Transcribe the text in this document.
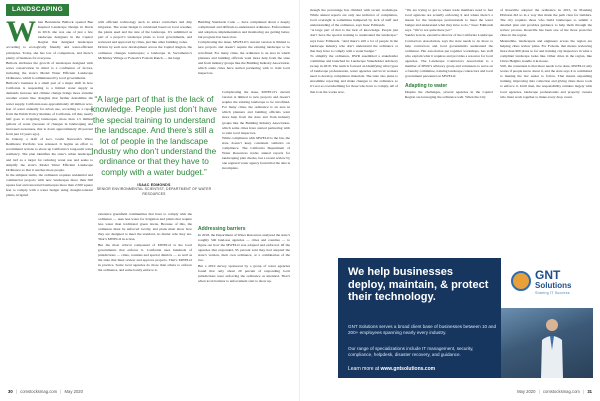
LANDSCAPING
W hen Bernadette Bullock opened Bee Inspired Landscape Design in Davis in 2016, she was one of just a few landscape designers in the Capitol Region that designed landscapes according to ecologically friendly and water-efficient principles. Today, she has lots of competitors, and there’s plenty of business for everyone.

Bullock attributes the growth of landscapes designed with water conservation in mind to a confluence of factors, including the state’s Model Water Efficient Landscape Ordinance, which is administered by local governments.

Bullock’s business is a small part of a major shift in how California is responding to a limited water supply as demands increase and climate change brings more extreme weather events like droughts that further destabilize the water supply. California uses approximately 40 million acre-feet of water annually for urban use, according to a report from the Public Policy Institute of California. Of that, nearly half goes to irrigating landscapes, more than 1.5 million gallons of water (because of changes in landscaping and increased awareness, that is down approximately 20 percent from just 10 years ago).

In January, a draft of Gov. Gavin Newsom’s Water Resilience Portfolio was released. It begins an effort to recommend actions to shore up California’s long-term water resiliency. The plan identifies the state’s urban landscapes and turf as a target for reducing water use and seeks to simplify the state’s Model Water Efficient Landscape Ordinance so that it reaches more people.

In the simplest terms, the ordinance requires residential and commercial projects with new landscapes more than 500 square feet and renovated landscapes more than 2,500 square feet to comply with a water budget using drought-tolerant plants, irrigated

with efficient technology such as smart controllers and drip irrigation. The water budget is calculated based on local weather, the plants used and the size of the landscape. It’s submitted as part of a project’s landscape plans to local governments, and reviewed and approved by cities, just like other building codes.

Driven by each new development across the Capitol Region, the ordinance changes landscapes; a landscape in Sacramento’s McKinley Village or Folsom’s Folsom Ranch — the large

“A large part of that is the lack of knowledge. People just don’t have the special training to understand the landscape. And there’s still a lot of people in the landscape industry who don’t understand the ordinance or that they have to comply with a water budget.”
ISAAC EDMONDS
SENIOR ENVIRONMENTAL SCIENTIST, DEPARTMENT OF WATER RESOURCES

extensive greenfield communities that have to comply with the ordinance — uses less water for irrigation and plants that require less water than traditional green lawns. Because of this, the ordinance must be enforced locally, and plans must show how they are designed to meet the standard, no matter who they are. That’s MWELO in action.

But the most critical component of MWELO is the local governments that enforce it. California uses hundreds of jurisdictions — cities, counties and special districts — as well as the state that must review and approve projects. That’s MWELO in practice. Some local agencies do more than others to enforce the ordinance, and some barely enforce it.

Building Standards Code — have complained about a deeply complicated and difficult-to-understand ordinance. Enforcement and adoption, implementation and monitoring are getting better, but progress has been slow.

Complicating the issue, MWELO’s current version is limited to new projects and doesn’t require the existing landscape to be retrofitted. For many cities, the ordinance is an area in which planners and building officials want more help from the state and from industry groups like the Building Industry Association, which some cities have started partnering with to train local inspectors.

Complicating the issue, MWELO’s current version is limited to new projects and doesn’t require the existing landscape to be retrofitted. For many cities, the ordinance is an area in which planners and building officials want more help from the state and from industry groups like the Building Industry Association, which some cities have started partnering with to train local inspectors.

While compliance with MWELO is the law, the state doesn’t keep consistent statistics on compliance. The California Department of Water Resources tracks annual reports for landscaping plan checks, but a recent review by one regional water agency found that the data is incomplete.

Addressing barriers

In 2018, the Department of Water Resources analyzed the state’s roughly 540 land-use agencies — cities and counties — to figure out how the MWELO was adopted and enforced. Of the agencies that responded, 95 percent said they had adopted the state’s version, their own ordinance, or a combination of the two.

But a 2019 survey sponsored by a group of water agencies found that only about 20 percent of responding local jurisdictions were enforcing the ordinance as intended. That’s when local barriers to enforcement start to show up.

though the percentage has climbed with recent workshops. While annual reports are only one indicator of compliance, local oversight is sometimes hampered by lack of staff and understanding of the ordinance, says Isaac Edmonds.

“A large part of that is the lack of knowledge. People just don’t have the special training to understand the landscape,” says Isaac Edmonds. “And there’s still a lot of people in the landscape industry who don’t understand the ordinance or that they have to comply with a water budget.”

To simplify the ordinance, DWR assembled a stakeholder committee and launched its Landscape Stakeholder Advisory Group in 2019. The team is focused on identifying what types of landscape professionals, water agencies and local workers need to develop compliance materials. The state also plans to streamline reporting and make changes to the ordinance so it’s not as overwhelming for those who have to comply. All of that is in the works now.

“We are trying to get to where trade members need to feel local agencies are actually enforcing it and where there’s a means for the landscape professionals to meet the water budget and understand what they have to do,” Isaac Edmonds says. “We’re not quite there yet.”

Sandra Garcia, executive director of the California Landscape Contractors Association, says the state needs to do more to help contractors and local governments understand the ordinance. Her association put together workshops, has staff who explain what it requires and provides a resource for local agencies. The Landscape Contractors Association is a member of DWR’s advisory group and volunteers to serve on a foundry committee, training landscape contractors and local government personnel on MWELO.

Adapting to water

Despite the challenges, several agencies in the Capitol Region are leveraging the ordinance well. When the City

of Roseville adopted the ordinance in 2015, its Planning Division did so in a way that made the path clear for builders. The city requires those who build landscapes to submit a detailed plan and provides guidance to help them through the review process. Roseville has been one of the more proactive cities in the region.

Meanwhile, landscapers and engineers across the region are helping cities review plans. For Folsom, that means reviewing more than 900 plans so far and training city inspectors in what a compliant landscape looks like. Other cities in the region, like Citrus Heights, handle it in-house.

Still, the consensus is that more needs to be done. MWELO only works if people know about it, and the state says it is committed to making the law easier to follow. That means expanding training, improving data collection and giving cities more tools to enforce it. Until then, the responsibility remains largely with local agencies, landscape professionals and property owners who must work together to make every drop count.

We help businesses deploy, maintain, & protect their technology.
GNT
Solutions
Sharing IT Success
GNT Solutions serves a broad client base of businesses between 10 and 200+ employees spanning nearly every industry.
Our range of specializations include IT management, security, compliance, helpdesk, disaster recovery, and guidance.
Learn more at www.gntsolutions.com
30 | comstocksmag.com | May 2020	May 2020 | comstocksmag.com | 31
